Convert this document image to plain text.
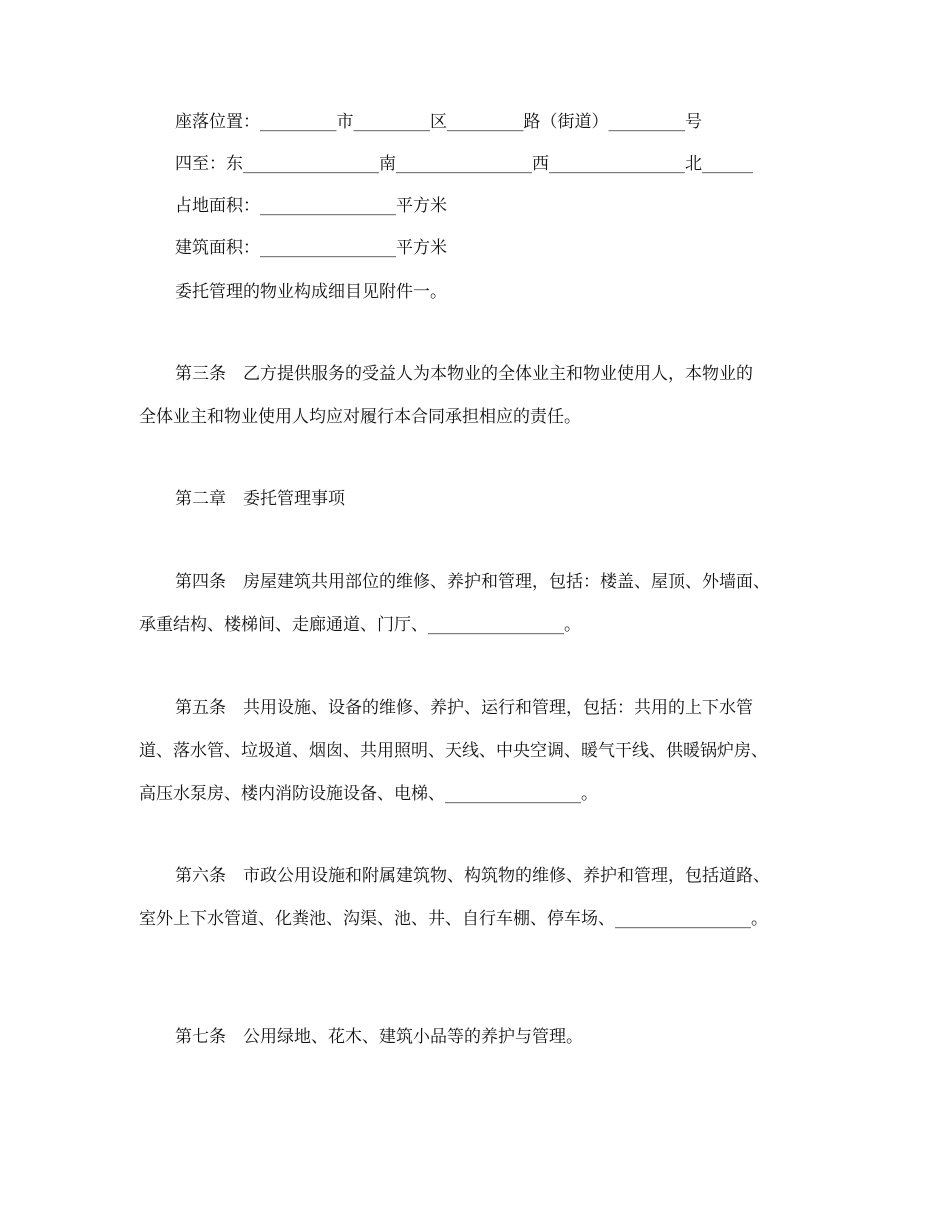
座落位置：_________市_________区_________路（街道）_________号
四至：东________________南________________西________________北______
占地面积：________________平方米
建筑面积：________________平方米
委托管理的物业构成细目见附件一。
第三条 乙方提供服务的受益人为本物业的全体业主和物业使用人，本物业的
全体业主和物业使用人均应对履行本合同承担相应的责任。
第二章 委托管理事项
第四条 房屋建筑共用部位的维修、养护和管理，包括：楼盖、屋顶、外墙面、
承重结构、楼梯间、走廊通道、门厅、________________。
第五条 共用设施、设备的维修、养护、运行和管理，包括：共用的上下水管
道、落水管、垃圾道、烟囱、共用照明、天线、中央空调、暖气干线、供暖锅炉房、
高压水泵房、楼内消防设施设备、电梯、________________。
第六条 市政公用设施和附属建筑物、构筑物的维修、养护和管理，包括道路、
室外上下水管道、化粪池、沟渠、池、井、自行车棚、停车场、________________。
第七条 公用绿地、花木、建筑小品等的养护与管理。
